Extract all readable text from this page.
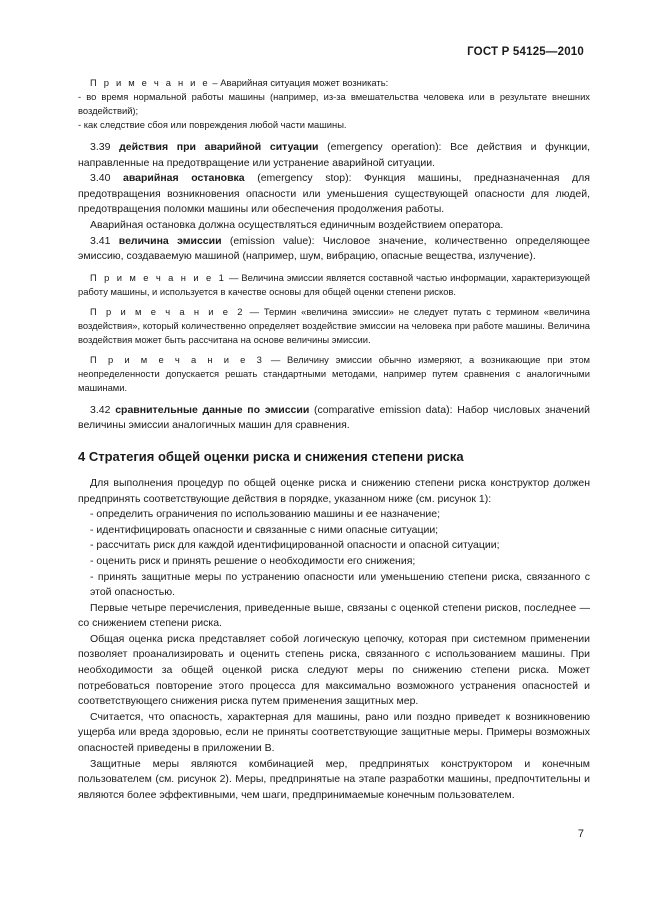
ГОСТ Р 54125—2010

П р и м е ч а н и е – Аварийная ситуация может возникать:

- во время нормальной работы машины (например, из-за вмешательства человека или в результате внешних воздействий);

- как следствие сбоя или повреждения любой части машины.

3.39 действия при аварийной ситуации (emergency operation): Все действия и функции, направленные на предотвращение или устранение аварийной ситуации.

3.40 аварийная остановка (emergency stop): Функция машины, предназначенная для предотвращения возникновения опасности или уменьшения существующей опасности для людей, предотвращения поломки машины или обеспечения продолжения работы.

Аварийная остановка должна осуществляться единичным воздействием оператора.

3.41 величина эмиссии (emission value): Числовое значение, количественно определяющее эмиссию, создаваемую машиной (например, шум, вибрацию, опасные вещества, излучение).

П р и м е ч а н и е 1 — Величина эмиссии является составной частью информации, характеризующей работу машины, и используется в качестве основы для общей оценки степени рисков.

П р и м е ч а н и е 2 — Термин «величина эмиссии» не следует путать с термином «величина воздействия», который количественно определяет воздействие эмиссии на человека при работе машины. Величина воздействия может быть рассчитана на основе величины эмиссии.

П р и м е ч а н и е 3 — Величину эмиссии обычно измеряют, а возникающие при этом неопределенности допускается решать стандартными методами, например путем сравнения с аналогичными машинами.

3.42 сравнительные данные по эмиссии (comparative emission data): Набор числовых значений величины эмиссии аналогичных машин для сравнения.

4 Стратегия общей оценки риска и снижения степени риска

Для выполнения процедур по общей оценке риска и снижению степени риска конструктор должен предпринять соответствующие действия в порядке, указанном ниже (см. рисунок 1):

- определить ограничения по использованию машины и ее назначение;

- идентифицировать опасности и связанные с ними опасные ситуации;

- рассчитать риск для каждой идентифицированной опасности и опасной ситуации;

- оценить риск и принять решение о необходимости его снижения;

- принять защитные меры по устранению опасности или уменьшению степени риска, связанного с этой опасностью.

Первые четыре перечисления, приведенные выше, связаны с оценкой степени рисков, последнее — со снижением степени риска.

Общая оценка риска представляет собой логическую цепочку, которая при системном применении позволяет проанализировать и оценить степень риска, связанного с использованием машины. При необходимости за общей оценкой риска следуют меры по снижению степени риска. Может потребоваться повторение этого процесса для максимально возможного устранения опасностей и соответствующего снижения риска путем применения защитных мер.

Считается, что опасность, характерная для машины, рано или поздно приведет к возникновению ущерба или вреда здоровью, если не приняты соответствующие защитные меры. Примеры возможных опасностей приведены в приложении В.

Защитные меры являются комбинацией мер, предпринятых конструктором и конечным пользователем (см. рисунок 2). Меры, предпринятые на этапе разработки машины, предпочтительны и являются более эффективными, чем шаги, предпринимаемые конечным пользователем.

7
